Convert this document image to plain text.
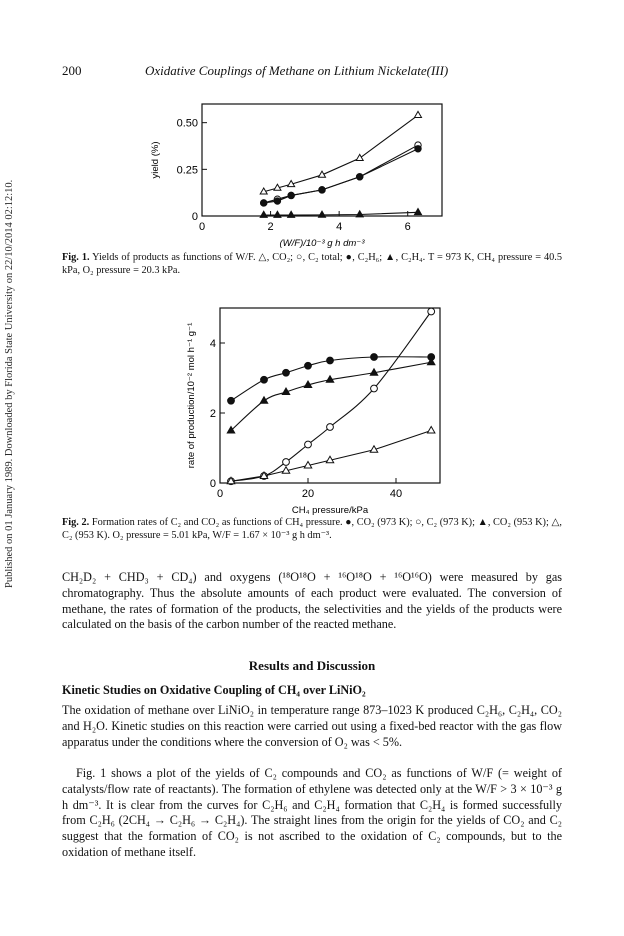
Published on 01 January 1989. Downloaded by Florida State University on 22/10/2014 02:12:10.
200	Oxidative Couplings of Methane on Lithium Nickelate(III)
0	2	4	6
0
0.25
0.50
(W/F)/10⁻³ g h dm⁻³
yield (%)
Fig. 1. Yields of products as functions of W/F. △, CO₂; ○, C₂ total; ●, C₂H₆; ▲, C₂H₄. T = 973 K, CH₄ pressure = 40.5 kPa, O₂ pressure = 20.3 kPa.
0	20	40
0
2
4
CH₄ pressure/kPa
rate of production/10⁻² mol h⁻¹ g⁻¹
Fig. 2. Formation rates of C₂ and CO₂ as functions of CH₄ pressure. ●, CO₂ (973 K); ○, C₂ (973 K); ▲, CO₂ (953 K); △, C₂ (953 K). O₂ pressure = 5.01 kPa, W/F = 1.67 × 10⁻³ g h dm⁻³.
CH₂D₂ + CHD₃ + CD₄) and oxygens (¹⁸O¹⁸O + ¹⁶O¹⁸O + ¹⁶O¹⁶O) were measured by gas chromatography. Thus the absolute amounts of each product were evaluated. The conversion of methane, the rates of formation of the products, the selectivities and the yields of the products were calculated on the basis of the carbon number of the reacted methane.
Results and Discussion
Kinetic Studies on Oxidative Coupling of CH₄ over LiNiO₂
The oxidation of methane over LiNiO₂ in temperature range 873–1023 K produced C₂H₆, C₂H₄, CO₂ and H₂O. Kinetic studies on this reaction were carried out using a fixed-bed reactor with the gas flow apparatus under the conditions where the conversion of O₂ was < 5%.
Fig. 1 shows a plot of the yields of C₂ compounds and CO₂ as functions of W/F (= weight of catalysts/flow rate of reactants). The formation of ethylene was detected only at the W/F > 3 × 10⁻³ g h dm⁻³. It is clear from the curves for C₂H₆ and C₂H₄ formation that C₂H₄ is formed successfully from C₂H₆ (2CH₄ → C₂H₆ → C₂H₄). The straight lines from the origin for the yields of CO₂ and C₂ suggest that the formation of CO₂ is not ascribed to the oxidation of C₂ compounds, but to the oxidation of methane itself.
